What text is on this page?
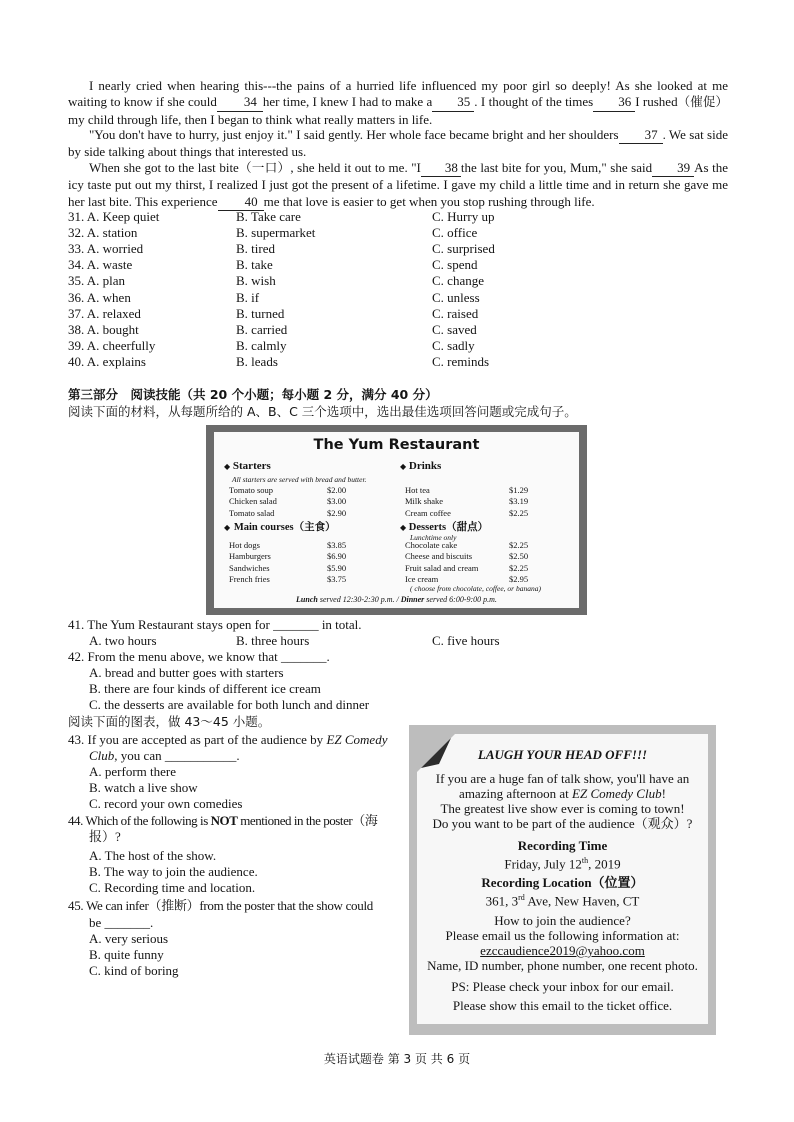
I nearly cried when hearing this---the pains of a hurried life influenced my poor girl so deeply! As she looked at me waiting to know if she could 34 her time, I knew I had to make a 35 . I thought of the times 36 I rushed（催促）my child through life, then I began to think what really matters in life.
"You don't have to hurry, just enjoy it." I said gently. Her whole face became bright and her shoulders 37 . We sat side by side talking about things that interested us.
When she got to the last bite（一口）, she held it out to me. "I 38 the last bite for you, Mum," she said 39 As the icy taste put out my thirst, I realized I just got the present of a lifetime. I gave my child a little time and in return she gave me her last bite. This experience 40 me that love is easier to get when you stop rushing through life.
31. A. Keep quiet	B. Take care	C. Hurry up
32. A. station	B. supermarket	C. office
33. A. worried	B. tired	C. surprised
34. A. waste	B. take	C. spend
35. A. plan	B. wish	C. change
36. A. when	B. if	C. unless
37. A. relaxed	B. turned	C. raised
38. A. bought	B. carried	C. saved
39. A. cheerfully	B. calmly	C. sadly
40. A. explains	B. leads	C. reminds
第三部分　阅读技能（共 20 个小题；每小题 2 分，满分 40 分）
阅读下面的材料，从每题所给的 A、B、C 三个选项中，选出最佳选项回答问题或完成句子。
The Yum Restaurant
◆ Starters
All starters are served with bread and butter.
Tomato soup	$2.00
Chicken salad	$3.00
Tomato salad	$2.90
◆ Drinks
Hot tea	$1.29
Milk shake	$3.19
Cream coffee	$2.25
◆ Main courses（主食）
Hot dogs	$3.85
Hamburgers	$6.90
Sandwiches	$5.90
French fries	$3.75
◆ Desserts（甜点）
Lunchtime only
Chocolate cake	$2.25
Cheese and biscuits	$2.50
Fruit salad and cream	$2.25
Ice cream	$2.95
( choose from chocolate, coffee, or banana)
Lunch served 12:30-2:30 p.m. / Dinner served 6:00-9:00 p.m.
41. The Yum Restaurant stays open for _______ in total.
A. two hours	B. three hours	C. five hours
42. From the menu above, we know that _______.
A. bread and butter goes with starters
B. there are four kinds of different ice cream
C. the desserts are available for both lunch and dinner
阅读下面的图表，做 43～45 小题。
43. If you are accepted as part of the audience by EZ Comedy
Club, you can ___________.
A. perform there
B. watch a live show
C. record your own comedies
44. Which of the following is NOT mentioned in the poster（海
报）?
A. The host of the show.
B. The way to join the audience.
C. Recording time and location.
45. We can infer（推断）from the poster that the show could
be _______.
A. very serious
B. quite funny
C. kind of boring
LAUGH YOUR HEAD OFF!!!
If you are a huge fan of talk show, you'll have an
amazing afternoon at EZ Comedy Club!
The greatest live show ever is coming to town!
Do you want to be part of the audience（观众）?
Recording Time
Friday, July 12th, 2019
Recording Location（位置）
361, 3rd Ave, New Haven, CT
How to join the audience?
Please email us the following information at:
ezccaudience2019@yahoo.com
Name, ID number, phone number, one recent photo.
PS: Please check your inbox for our email.
Please show this email to the ticket office.
英语试题卷 第 3 页 共 6 页
